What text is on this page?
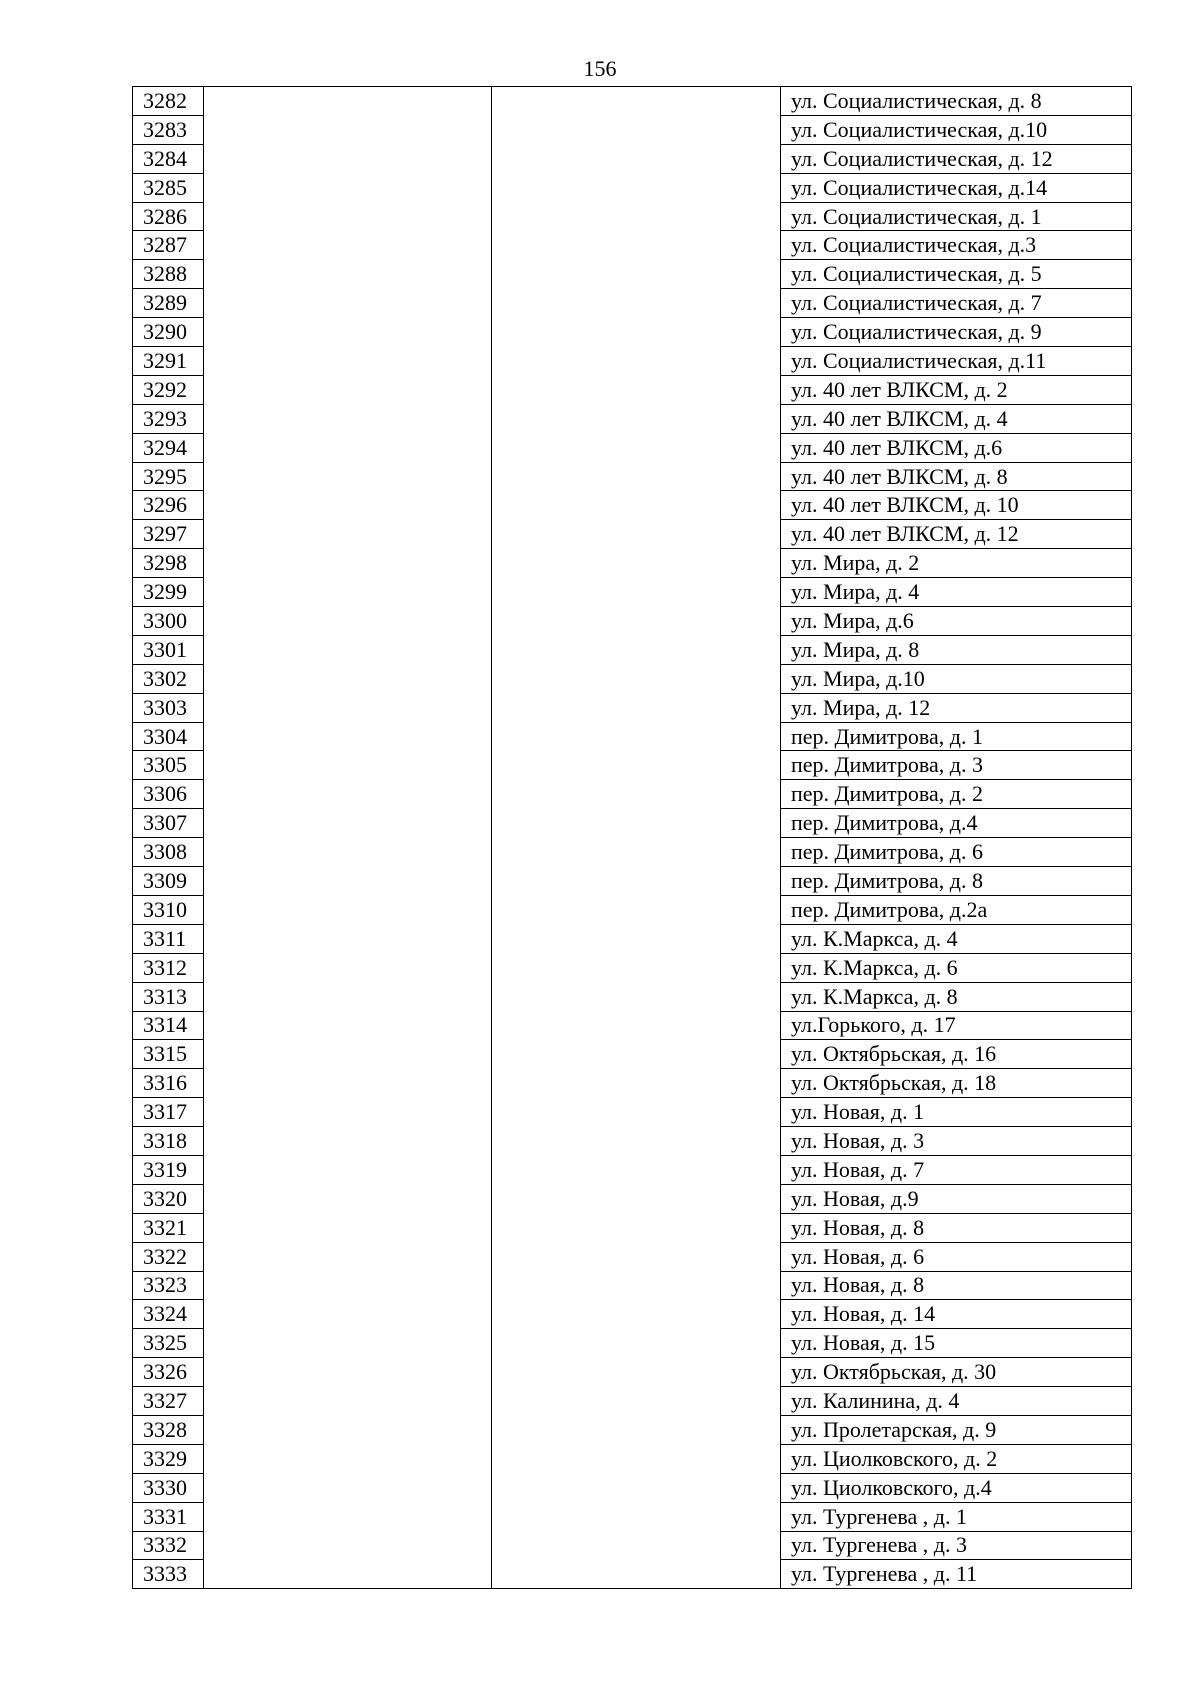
156
3282			ул. Социалистическая, д. 8
3283			ул. Социалистическая, д.10
3284			ул. Социалистическая, д. 12
3285			ул. Социалистическая, д.14
3286			ул. Социалистическая, д. 1
3287			ул. Социалистическая, д.3
3288			ул. Социалистическая, д. 5
3289			ул. Социалистическая, д. 7
3290			ул. Социалистическая, д. 9
3291			ул. Социалистическая, д.11
3292			ул. 40 лет ВЛКСМ, д. 2
3293			ул. 40 лет ВЛКСМ, д. 4
3294			ул. 40 лет ВЛКСМ, д.6
3295			ул. 40 лет ВЛКСМ, д. 8
3296			ул. 40 лет ВЛКСМ, д. 10
3297			ул. 40 лет ВЛКСМ, д. 12
3298			ул. Мира, д. 2
3299			ул. Мира, д. 4
3300			ул. Мира, д.6
3301			ул. Мира, д. 8
3302			ул. Мира, д.10
3303			ул. Мира, д. 12
3304			пер. Димитрова, д. 1
3305			пер. Димитрова, д. 3
3306			пер. Димитрова, д. 2
3307			пер. Димитрова, д.4
3308			пер. Димитрова, д. 6
3309			пер. Димитрова, д. 8
3310			пер. Димитрова, д.2а
3311			ул. К.Маркса, д. 4
3312			ул. К.Маркса, д. 6
3313			ул. К.Маркса, д. 8
3314			ул.Горького, д. 17
3315			ул. Октябрьская, д. 16
3316			ул. Октябрьская, д. 18
3317			ул. Новая, д. 1
3318			ул. Новая, д. 3
3319			ул. Новая, д. 7
3320			ул. Новая, д.9
3321			ул. Новая, д. 8
3322			ул. Новая, д. 6
3323			ул. Новая, д. 8
3324			ул. Новая, д. 14
3325			ул. Новая, д. 15
3326			ул. Октябрьская, д. 30
3327			ул. Калинина, д. 4
3328			ул. Пролетарская, д. 9
3329			ул. Циолковского, д. 2
3330			ул. Циолковского, д.4
3331			ул. Тургенева , д. 1
3332			ул. Тургенева , д. 3
3333			ул. Тургенева , д. 11
